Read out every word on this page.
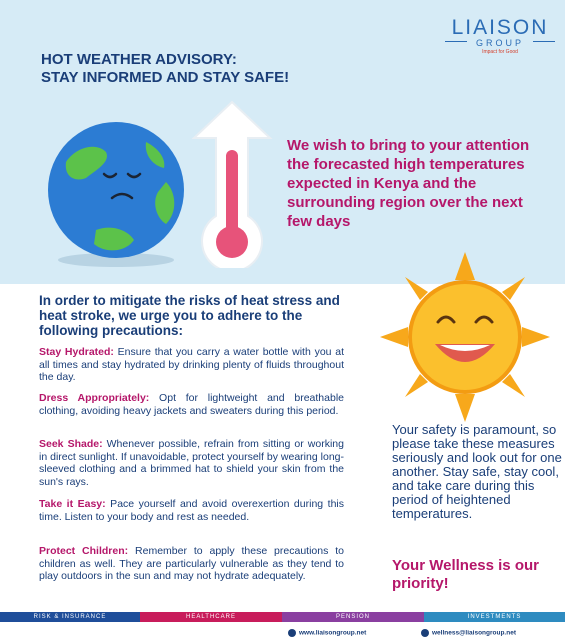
LIAISON
GROUP
Impact for Good
HOT WEATHER ADVISORY:
STAY INFORMED AND STAY SAFE!
We wish to bring to your attention the forecasted high temperatures expected in Kenya and the surrounding region over the next few days
In order to mitigate the risks of heat stress and heat stroke, we urge you to adhere to the following precautions:
Stay Hydrated: Ensure that you carry a water bottle with you at all times and stay hydrated by drinking plenty of fluids throughout the day.
Dress Appropriately: Opt for lightweight and breathable clothing, avoiding heavy jackets and sweaters during this period.
Seek Shade: Whenever possible, refrain from sitting or working in direct sunlight. If unavoidable, protect yourself by wearing long-sleeved clothing and a brimmed hat to shield your skin from the sun's rays.
Take it Easy: Pace yourself and avoid overexertion during this time. Listen to your body and rest as needed.
Protect Children: Remember to apply these precautions to children as well. They are particularly vulnerable as they tend to play outdoors in the sun and may not hydrate adequately.
Your safety is paramount, so please take these measures seriously and look out for one another. Stay safe, stay cool, and take care during this period of heightened temperatures.
Your Wellness is our priority!
RISK & INSURANCE	HEALTHCARE	PENSION	INVESTMENTS
www.liaisongroup.net	wellness@liaisongroup.net
